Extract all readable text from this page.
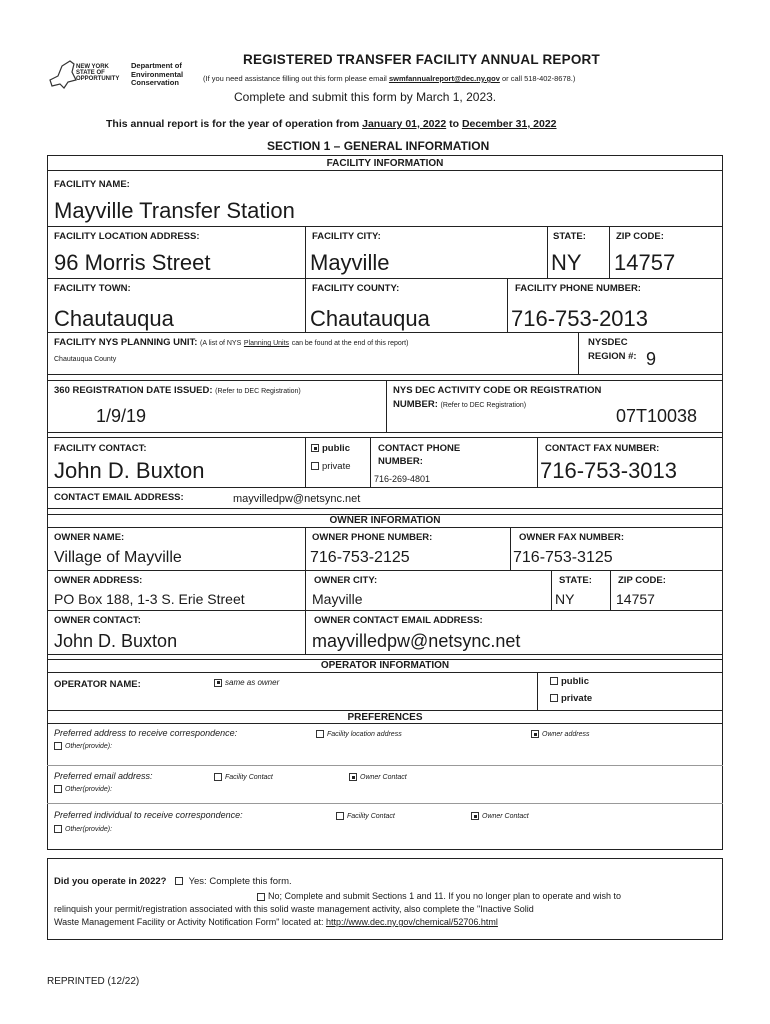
NEW YORK STATE OF OPPORTUNITY
Department of
Environmental
Conservation
REGISTERED TRANSFER FACILITY ANNUAL REPORT
(If you need assistance filling out this form please email swmfannualreport@dec.ny.gov or call 518-402-8678.)
Complete and submit this form by March 1, 2023.
This annual report is for the year of operation from January 01, 2022 to December 31, 2022
SECTION 1 – GENERAL INFORMATION
FACILITY INFORMATION
FACILITY NAME:
Mayville Transfer Station
FACILITY LOCATION ADDRESS:
96 Morris Street
FACILITY CITY:
Mayville
STATE:
NY
ZIP CODE:
14757
FACILITY TOWN:
Chautauqua
FACILITY COUNTY:
Chautauqua
FACILITY PHONE NUMBER:
716-753-2013
FACILITY NYS PLANNING UNIT: (A list of NYS Planning Units can be found at the end of this report)
Chautauqua County
NYSDEC
REGION #: 9
360 REGISTRATION DATE ISSUED: (Refer to DEC Registration)
1/9/19
NYS DEC ACTIVITY CODE OR REGISTRATION
NUMBER: (Refer to DEC Registration)
07T10038
FACILITY CONTACT:
John D. Buxton
public
private
CONTACT PHONE
NUMBER:
716-269-4801
CONTACT FAX NUMBER:
716-753-3013
CONTACT EMAIL ADDRESS:	mayvilledpw@netsync.net
OWNER INFORMATION
OWNER NAME:
Village of Mayville
OWNER PHONE NUMBER:
716-753-2125
OWNER FAX NUMBER:
716-753-3125
OWNER ADDRESS:
PO Box 188, 1-3 S. Erie Street
OWNER CITY:
Mayville
STATE:
NY
ZIP CODE:
14757
OWNER CONTACT:
John D. Buxton
OWNER CONTACT EMAIL ADDRESS:
mayvilledpw@netsync.net
OPERATOR INFORMATION
OPERATOR NAME:	same as owner	public
private
PREFERENCES
Preferred address to receive correspondence:	Facility location address	Owner address
Other(provide):
Preferred email address:	Facility Contact	Owner Contact
Other(provide):
Preferred individual to receive correspondence:	Facility Contact	Owner Contact
Other(provide):
Did you operate in 2022? Yes: Complete this form.
No; Complete and submit Sections 1 and 11. If you no longer plan to operate and wish to
relinquish your permit/registration associated with this solid waste management activity, also complete the "Inactive Solid
Waste Management Facility or Activity Notification Form" located at: http://www.dec.ny.gov/chemical/52706.html
REPRINTED (12/22)
